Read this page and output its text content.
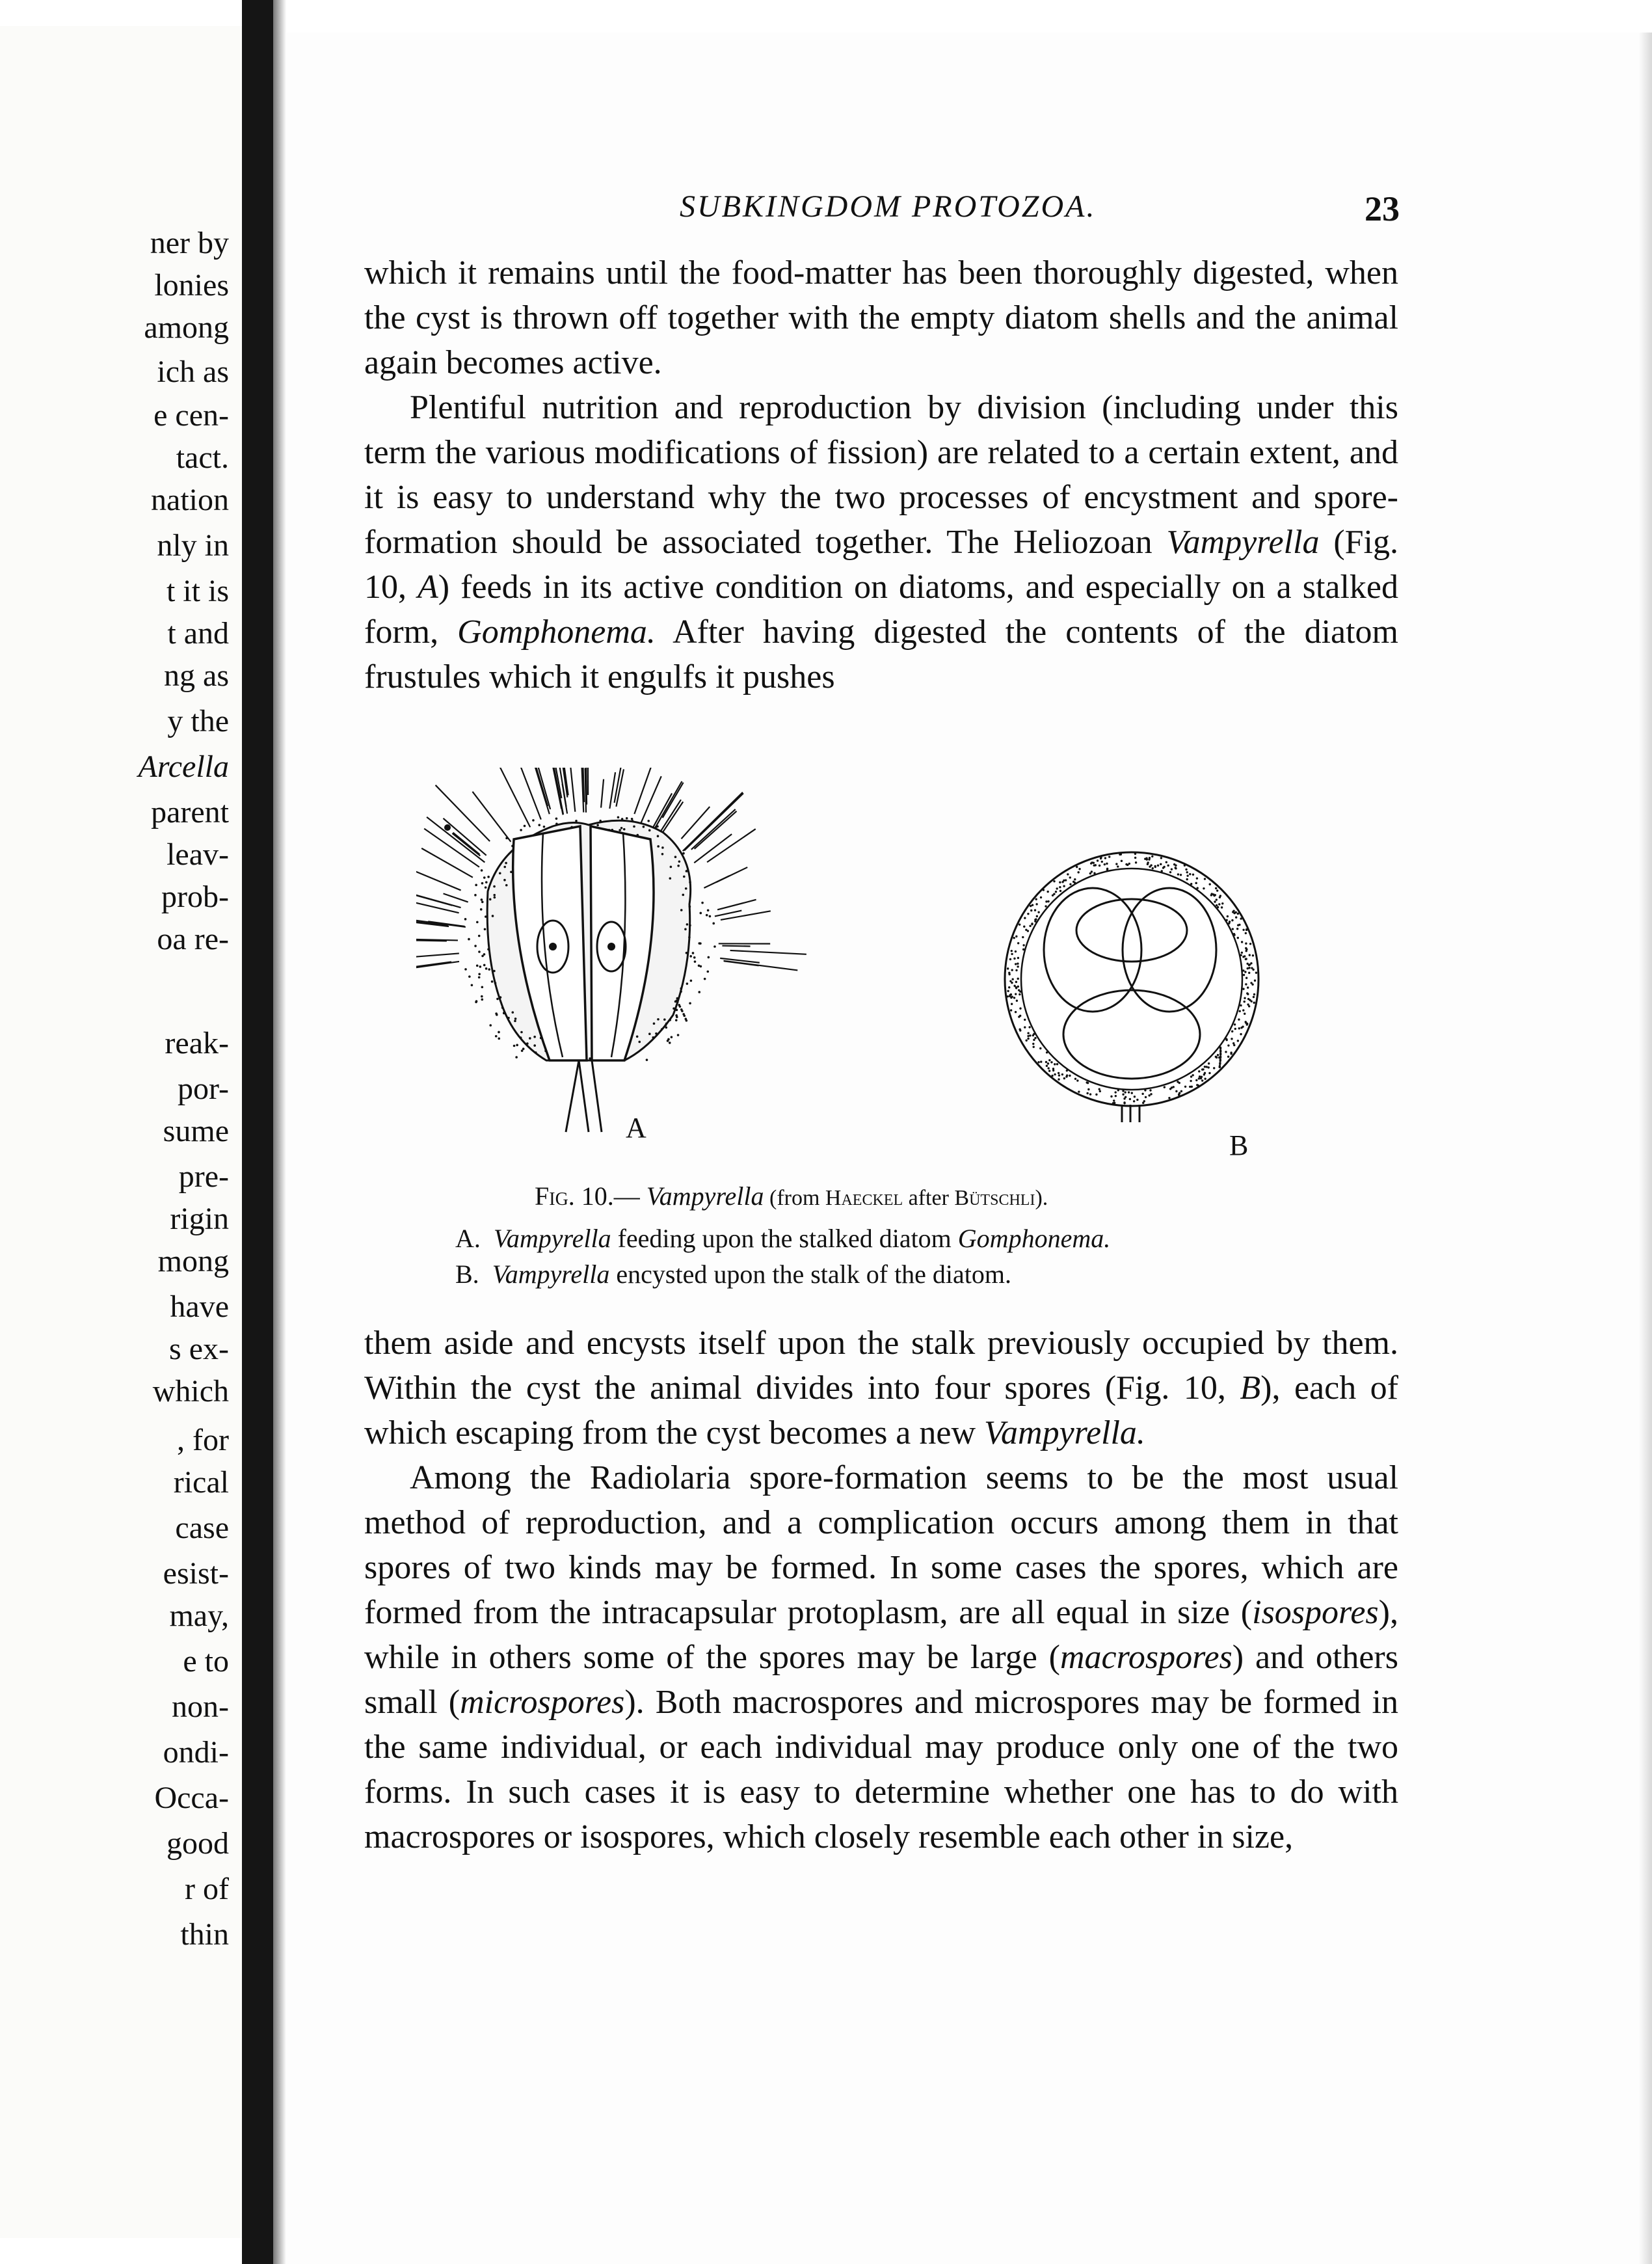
ner by
lonies
among
ich as
e cen-
tact.
nation
nly in
t it is
t and
ng as
y the
Arcella
parent
leav-
prob-
oa re-
reak-
por-
sume
pre-
rigin
mong
have
s ex-
which
, for
rical
case
esist-
may,
e to
non-
ondi-
Occa-
good
r of
thin
SUBKINGDOM PROTOZOA.	23

which it remains until the food-matter has been thoroughly digested, when the cyst is thrown off together with the empty diatom shells and the animal again becomes active.

Plentiful nutrition and reproduction by division (including under this term the various modifications of fission) are related to a certain extent, and it is easy to understand why the two processes of encystment and spore-formation should be associated together. The Heliozoan Vampyrella (Fig. 10, A) feeds in its active condition on diatoms, and especially on a stalked form, Gomphonema. After having digested the contents of the diatom frustules which it engulfs it pushes

A
B
Fig. 10.— Vampyrella (from Haeckel after Bütschli).
A. Vampyrella feeding upon the stalked diatom Gomphonema.
B. Vampyrella encysted upon the stalk of the diatom.

them aside and encysts itself upon the stalk previously occupied by them. Within the cyst the animal divides into four spores (Fig. 10, B), each of which escaping from the cyst becomes a new Vampyrella.

Among the Radiolaria spore-formation seems to be the most usual method of reproduction, and a complication occurs among them in that spores of two kinds may be formed. In some cases the spores, which are formed from the intracapsular protoplasm, are all equal in size (isospores), while in others some of the spores may be large (macrospores) and others small (microspores). Both macrospores and microspores may be formed in the same individual, or each individual may produce only one of the two forms. In such cases it is easy to determine whether one has to do with macrospores or isospores, which closely resemble each other in size,
